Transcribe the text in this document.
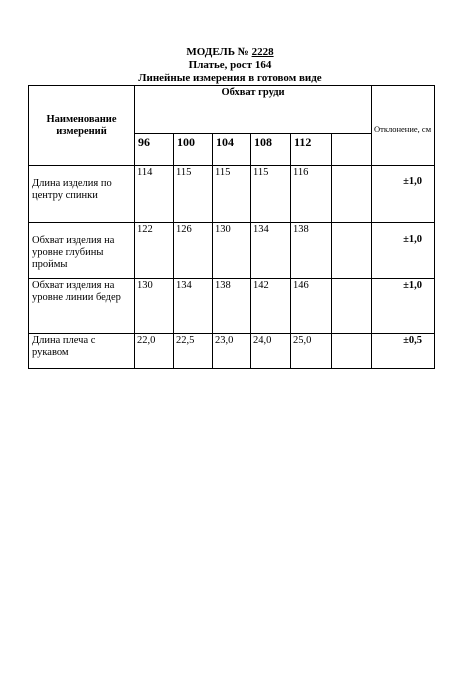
МОДЕЛЬ № 2228
Платье, рост 164
Линейные измерения в готовом виде
Наименование измерений	Обхват груди						Отклонение, см
	96	100	104	108	112		
Длина изделия по центру спинки	114	115	115	115	116		±1,0
Обхват изделия на уровне глубины проймы	122	126	130	134	138		±1,0
Обхват изделия на уровне линии бедер	130	134	138	142	146		±1,0
Длина плеча с рукавом	22,0	22,5	23,0	24,0	25,0		±0,5
